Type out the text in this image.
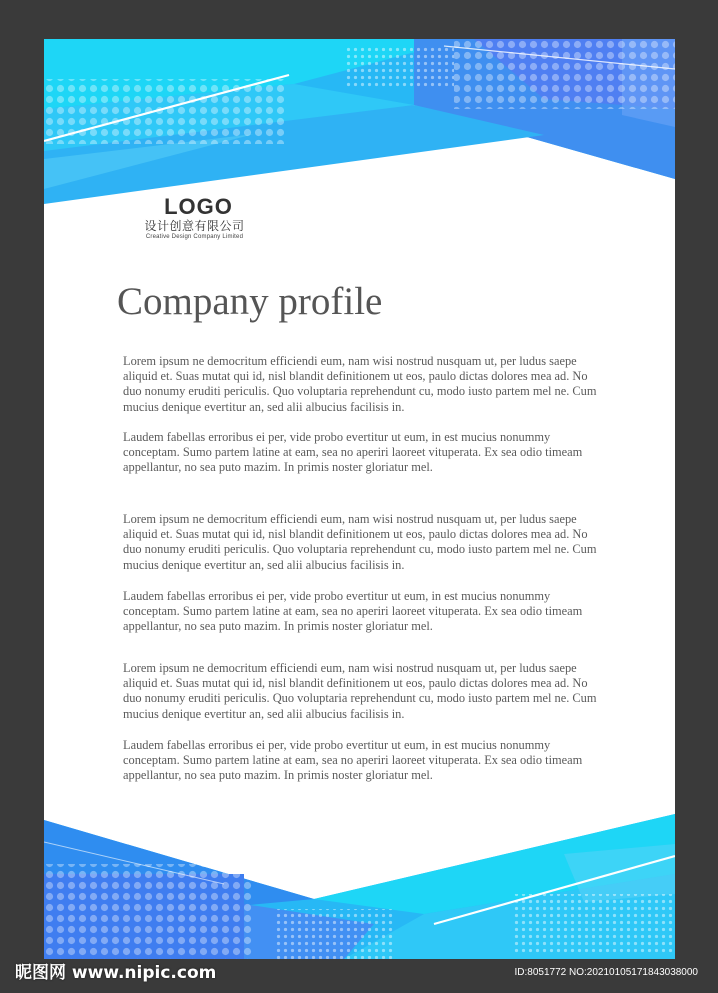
LOGO
设计创意有限公司
Creative Design Company Limited
Company profile

Lorem ipsum ne democritum efficiendi eum, nam wisi nostrud nusquam ut, per ludus saepe aliquid et. Suas mutat qui id, nisl blandit definitionem ut eos, paulo dictas dolores mea ad. No duo nonumy eruditi periculis. Quo voluptaria reprehendunt cu, modo iusto partem mel ne. Cum mucius denique evertitur an, sed alii albucius facilisis in.

Laudem fabellas erroribus ei per, vide probo evertitur ut eum, in est mucius nonummy conceptam. Sumo partem latine at eam, sea no aperiri laoreet vituperata. Ex sea odio timeam appellantur, no sea puto mazim. In primis noster gloriatur mel.

Lorem ipsum ne democritum efficiendi eum, nam wisi nostrud nusquam ut, per ludus saepe aliquid et. Suas mutat qui id, nisl blandit definitionem ut eos, paulo dictas dolores mea ad. No duo nonumy eruditi periculis. Quo voluptaria reprehendunt cu, modo iusto partem mel ne. Cum mucius denique evertitur an, sed alii albucius facilisis in.

Laudem fabellas erroribus ei per, vide probo evertitur ut eum, in est mucius nonummy conceptam. Sumo partem latine at eam, sea no aperiri laoreet vituperata. Ex sea odio timeam appellantur, no sea puto mazim. In primis noster gloriatur mel.

Lorem ipsum ne democritum efficiendi eum, nam wisi nostrud nusquam ut, per ludus saepe aliquid et. Suas mutat qui id, nisl blandit definitionem ut eos, paulo dictas dolores mea ad. No duo nonumy eruditi periculis. Quo voluptaria reprehendunt cu, modo iusto partem mel ne. Cum mucius denique evertitur an, sed alii albucius facilisis in.

Laudem fabellas erroribus ei per, vide probo evertitur ut eum, in est mucius nonummy conceptam. Sumo partem latine at eam, sea no aperiri laoreet vituperata. Ex sea odio timeam appellantur, no sea puto mazim. In primis noster gloriatur mel.

昵图网 www.nipic.com	ID:8051772 NO:20210105171843038000
